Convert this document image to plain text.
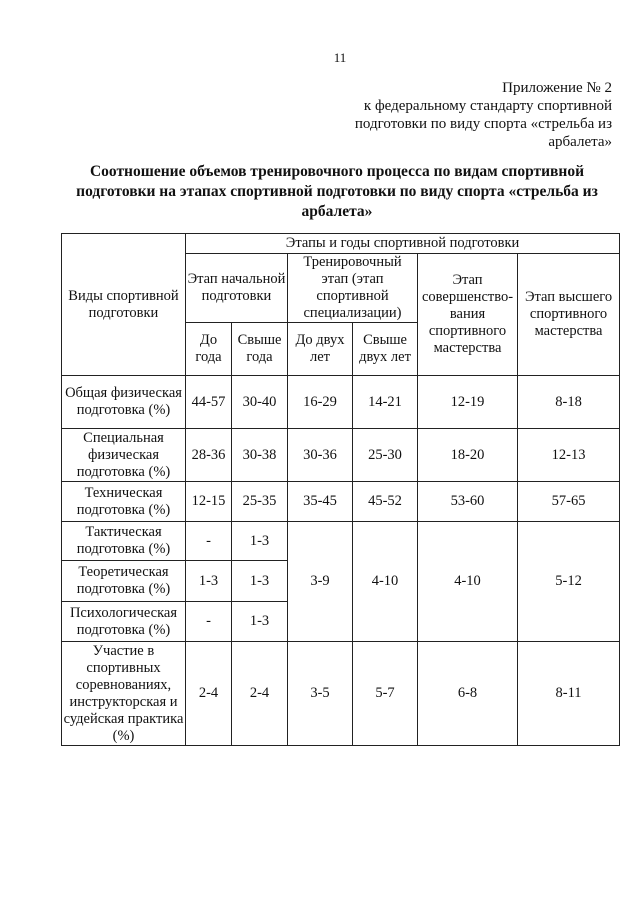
11
Приложение № 2
к федеральному стандарту спортивной
подготовки по виду спорта «стрельба из
арбалета»
Соотношение объемов тренировочного процесса по видам спортивной
подготовки на этапах спортивной подготовки по виду спорта «стрельба из
арбалета»
Виды спортивной подготовки	Этапы и годы спортивной подготовки					
	Этап начальной подготовки		Тренировочный этап (этап спортивной специализации)		Этап совершенство-вания спортивного мастерства	Этап высшего спортивного мастерства
	До года	Свыше года	До двух лет	Свыше двух лет		
Общая физическая подготовка (%)	44-57	30-40	16-29	14-21	12-19	8-18
Специальная физическая подготовка (%)	28-36	30-38	30-36	25-30	18-20	12-13
Техническая подготовка (%)	12-15	25-35	35-45	45-52	53-60	57-65
Тактическая подготовка (%)	-	1-3	3-9	4-10	4-10	5-12
Теоретическая подготовка (%)	1-3	1-3				
Психологическая подготовка (%)	-	1-3				
Участие в спортивных соревнованиях, инструкторская и судейская практика (%)	2-4	2-4	3-5	5-7	6-8	8-11
